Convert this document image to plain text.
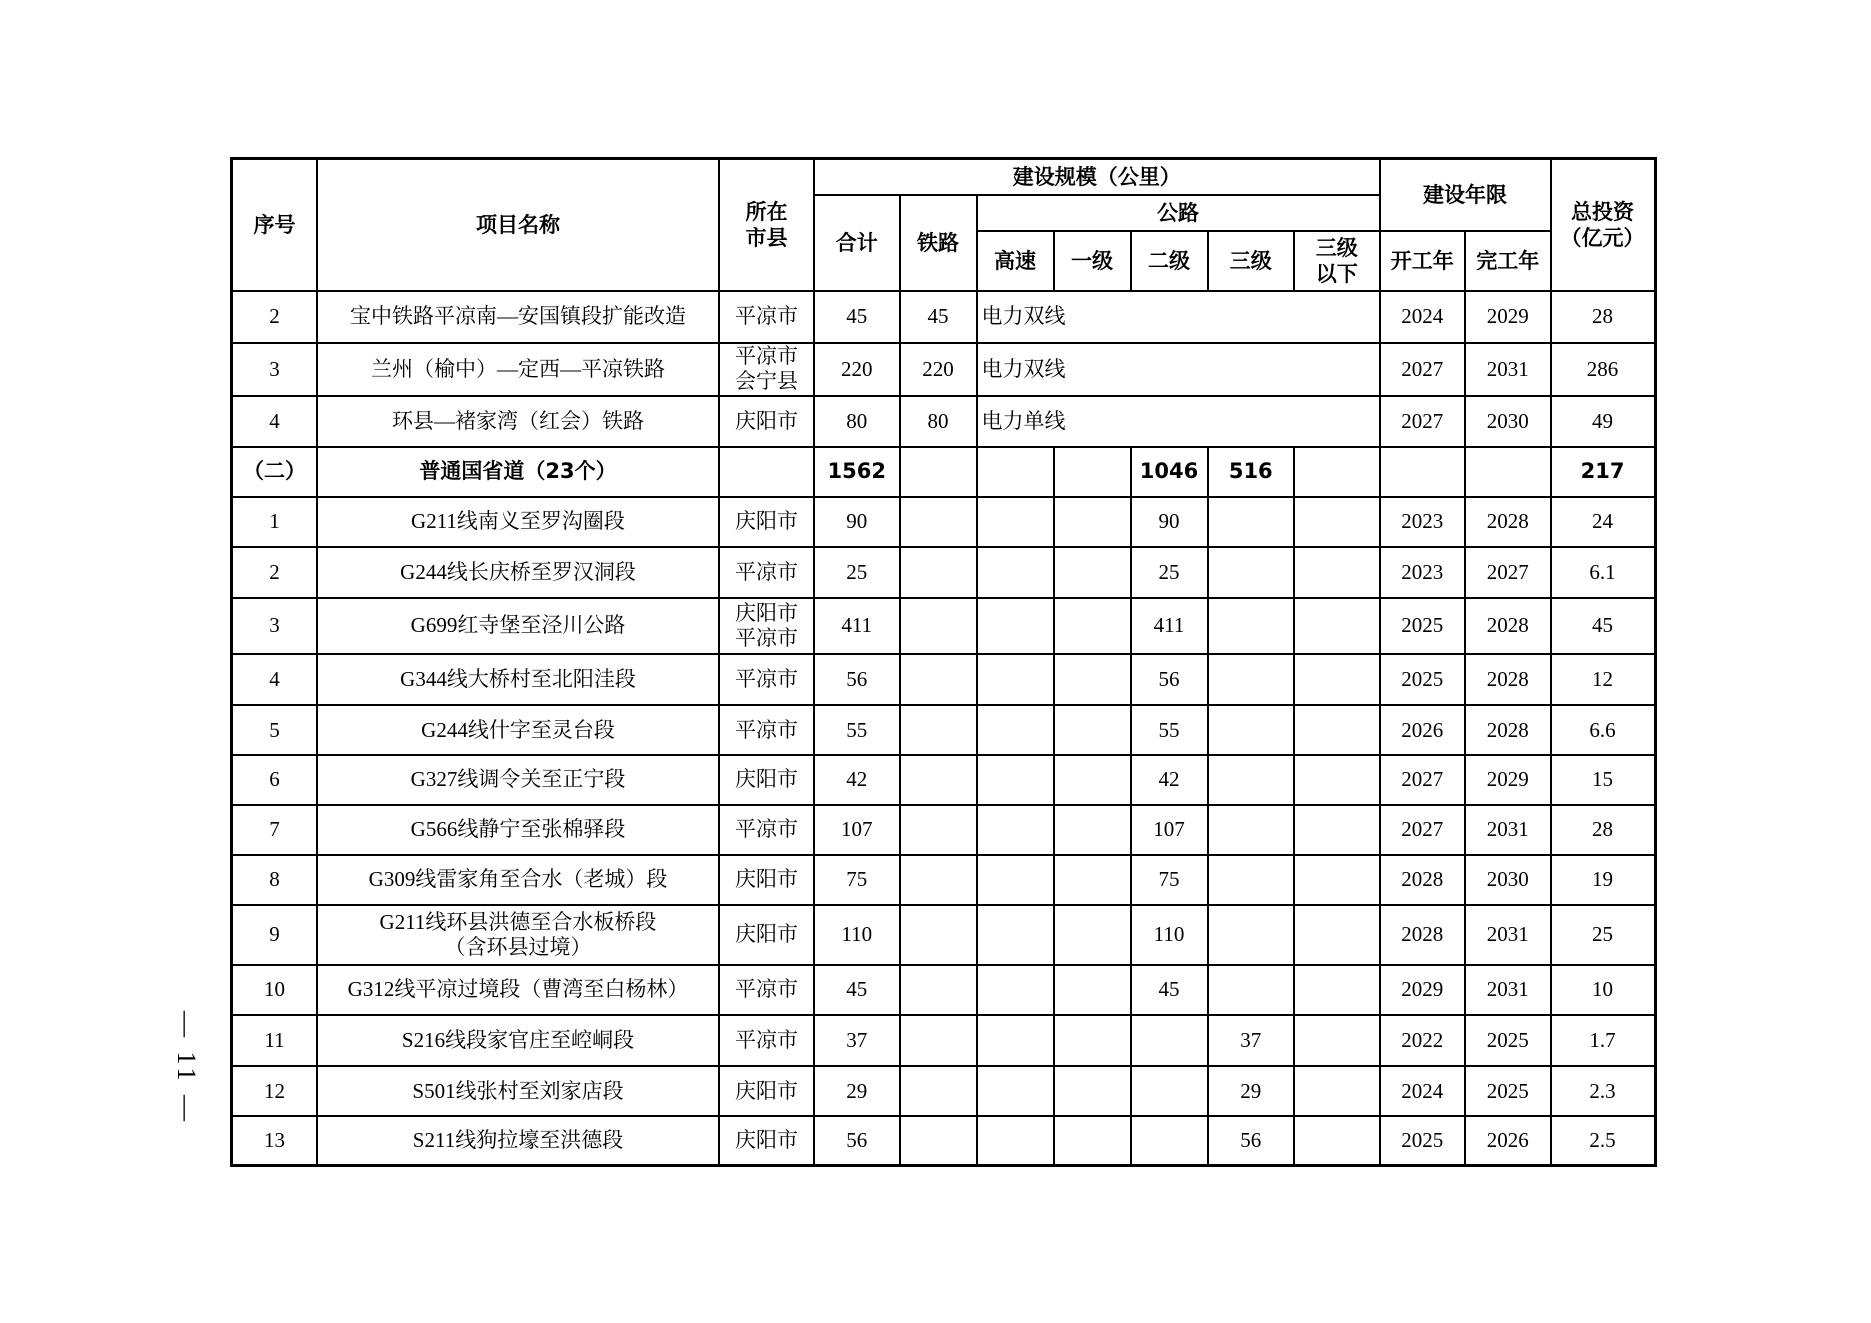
序号	项目名称	所在
市县	建设规模（公里）							建设年限		总投资
（亿元）
			合计	铁路	公路							
					高速	一级	二级	三级	三级
以下	开工年	完工年	
2	宝中铁路平凉南—安国镇段扩能改造	平凉市	45	45	电力双线					2024	2029	28
3	兰州（榆中）—定西—平凉铁路	平凉市
会宁县	220	220	电力双线					2027	2031	286
4	环县—褚家湾（红会）铁路	庆阳市	80	80	电力单线					2027	2030	49
（二）	普通国省道（23个）		1562				1046	516				217
1	G211线南义至罗沟圈段	庆阳市	90				90			2023	2028	24
2	G244线长庆桥至罗汉洞段	平凉市	25				25			2023	2027	6.1
3	G699红寺堡至泾川公路	庆阳市
平凉市	411				411			2025	2028	45
4	G344线大桥村至北阳洼段	平凉市	56				56			2025	2028	12
5	G244线什字至灵台段	平凉市	55				55			2026	2028	6.6
6	G327线调令关至正宁段	庆阳市	42				42			2027	2029	15
7	G566线静宁至张棉驿段	平凉市	107				107			2027	2031	28
8	G309线雷家角至合水（老城）段	庆阳市	75				75			2028	2030	19
9	G211线环县洪德至合水板桥段
（含环县过境）	庆阳市	110				110			2028	2031	25
10	G312线平凉过境段（曹湾至白杨林）	平凉市	45				45			2029	2031	10
11	S216线段家官庄至崆峒段	平凉市	37					37		2022	2025	1.7
12	S501线张村至刘家店段	庆阳市	29					29		2024	2025	2.3
13	S211线狗拉壕至洪德段	庆阳市	56					56		2025	2026	2.5
— 11 —
